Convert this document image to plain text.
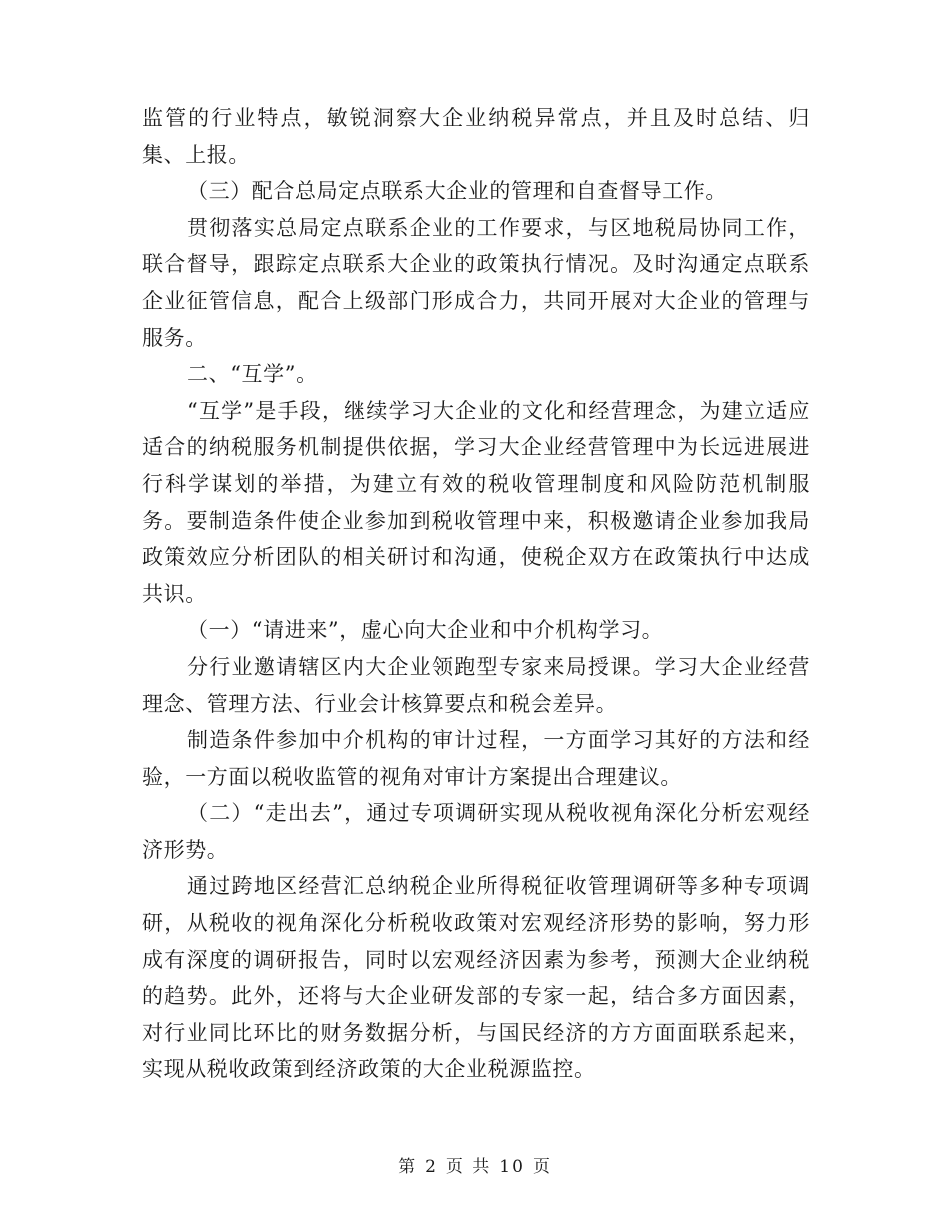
监管的行业特点，敏锐洞察大企业纳税异常点，并且及时总结、归集、上报。

（三）配合总局定点联系大企业的管理和自查督导工作。

贯彻落实总局定点联系企业的工作要求，与区地税局协同工作，联合督导，跟踪定点联系大企业的政策执行情况。及时沟通定点联系企业征管信息，配合上级部门形成合力，共同开展对大企业的管理与服务。

二、“互学”。

“互学”是手段，继续学习大企业的文化和经营理念，为建立适应适合的纳税服务机制提供依据，学习大企业经营管理中为长远进展进行科学谋划的举措，为建立有效的税收管理制度和风险防范机制服务。要制造条件使企业参加到税收管理中来，积极邀请企业参加我局政策效应分析团队的相关研讨和沟通，使税企双方在政策执行中达成共识。

（一）“请进来”，虚心向大企业和中介机构学习。

分行业邀请辖区内大企业领跑型专家来局授课。学习大企业经营理念、管理方法、行业会计核算要点和税会差异。

制造条件参加中介机构的审计过程，一方面学习其好的方法和经验，一方面以税收监管的视角对审计方案提出合理建议。

（二）“走出去”，通过专项调研实现从税收视角深化分析宏观经济形势。

通过跨地区经营汇总纳税企业所得税征收管理调研等多种专项调研，从税收的视角深化分析税收政策对宏观经济形势的影响，努力形成有深度的调研报告，同时以宏观经济因素为参考，预测大企业纳税的趋势。此外，还将与大企业研发部的专家一起，结合多方面因素，对行业同比环比的财务数据分析，与国民经济的方方面面联系起来，实现从税收政策到经济政策的大企业税源监控。

第 2 页 共 10 页
